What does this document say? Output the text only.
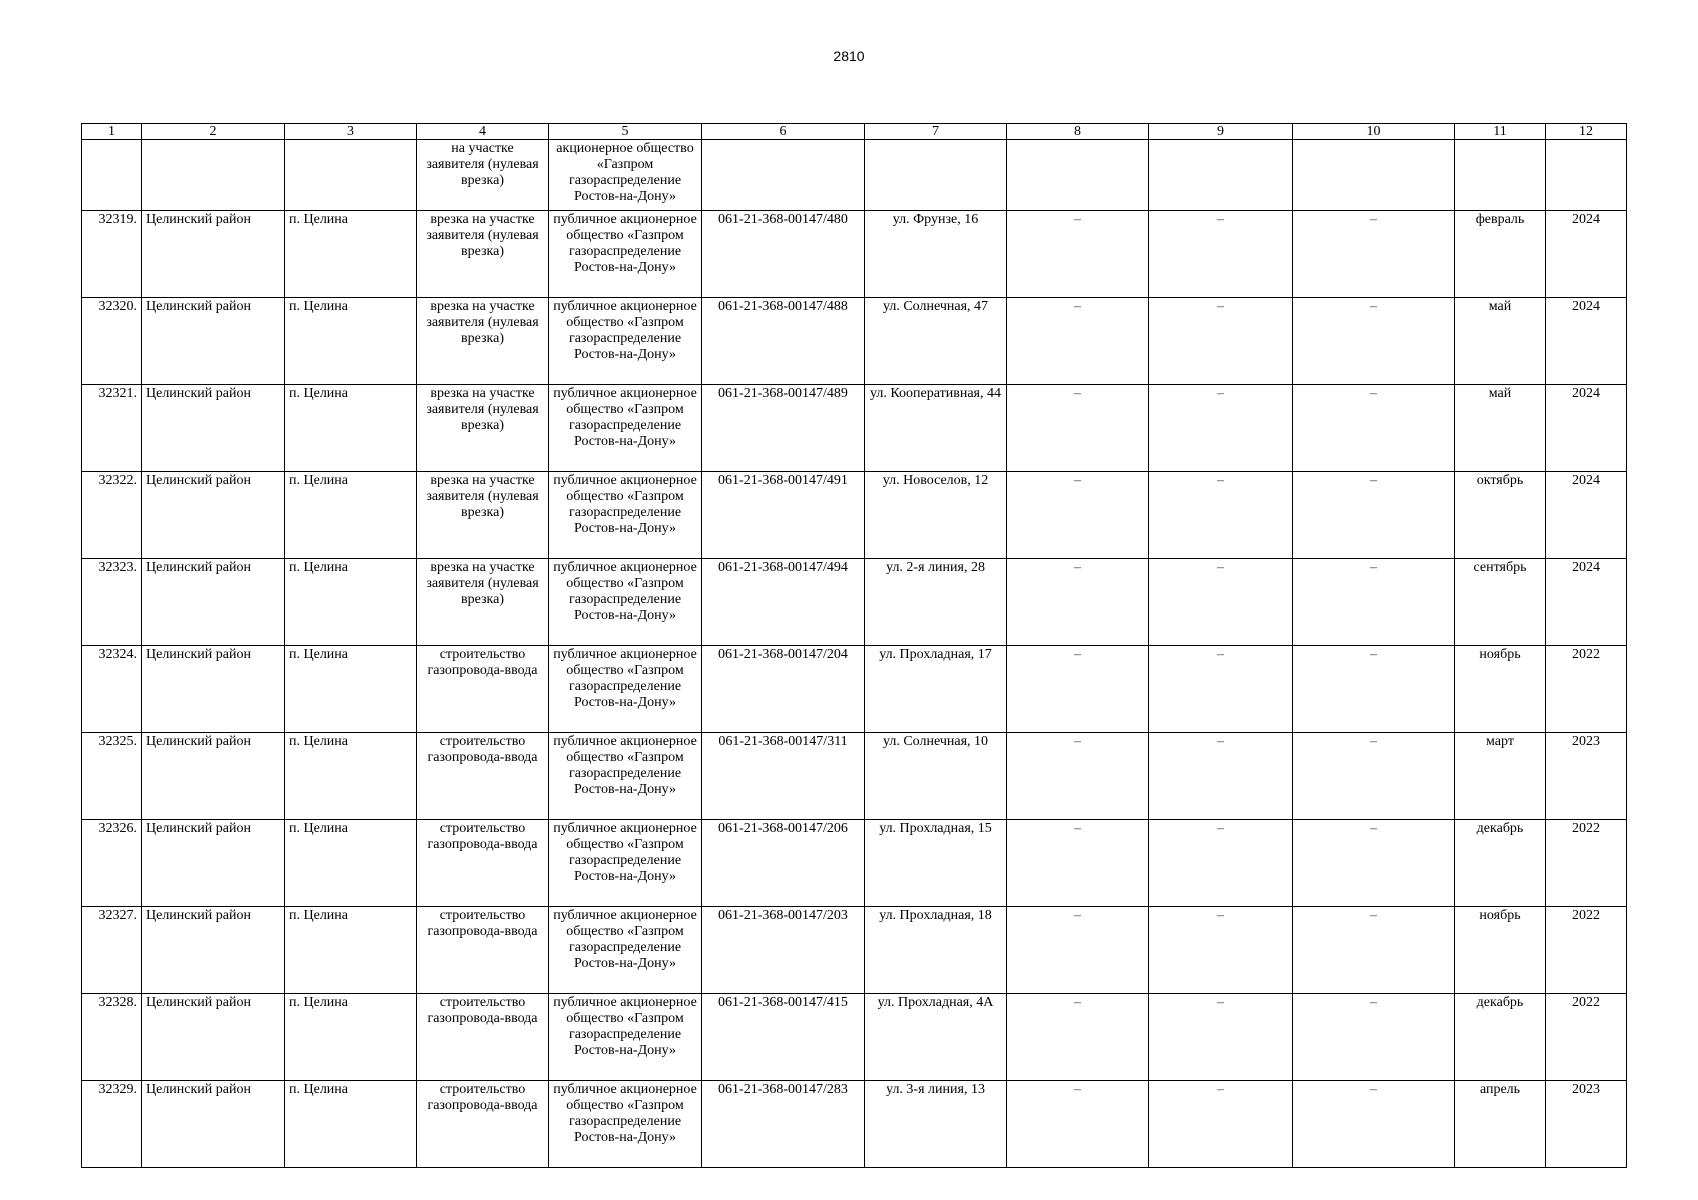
2810
1	2	3	4	5	6	7	8	9	10	11	12
			на участке заявителя (нулевая врезка)	акционерное общество «Газпром газораспределение Ростов-на-Дону»							
32319.	Целинский район	п. Целина	врезка на участке заявителя (нулевая врезка)	публичное акционерное общество «Газпром газораспределение Ростов-на-Дону»	061-21-368-00147/480	ул. Фрунзе, 16	–	–	–	февраль	2024
32320.	Целинский район	п. Целина	врезка на участке заявителя (нулевая врезка)	публичное акционерное общество «Газпром газораспределение Ростов-на-Дону»	061-21-368-00147/488	ул. Солнечная, 47	–	–	–	май	2024
32321.	Целинский район	п. Целина	врезка на участке заявителя (нулевая врезка)	публичное акционерное общество «Газпром газораспределение Ростов-на-Дону»	061-21-368-00147/489	ул. Кооперативная, 44	–	–	–	май	2024
32322.	Целинский район	п. Целина	врезка на участке заявителя (нулевая врезка)	публичное акционерное общество «Газпром газораспределение Ростов-на-Дону»	061-21-368-00147/491	ул. Новоселов, 12	–	–	–	октябрь	2024
32323.	Целинский район	п. Целина	врезка на участке заявителя (нулевая врезка)	публичное акционерное общество «Газпром газораспределение Ростов-на-Дону»	061-21-368-00147/494	ул. 2-я линия, 28	–	–	–	сентябрь	2024
32324.	Целинский район	п. Целина	строительство газопровода-ввода	публичное акционерное общество «Газпром газораспределение Ростов-на-Дону»	061-21-368-00147/204	ул. Прохладная, 17	–	–	–	ноябрь	2022
32325.	Целинский район	п. Целина	строительство газопровода-ввода	публичное акционерное общество «Газпром газораспределение Ростов-на-Дону»	061-21-368-00147/311	ул. Солнечная, 10	–	–	–	март	2023
32326.	Целинский район	п. Целина	строительство газопровода-ввода	публичное акционерное общество «Газпром газораспределение Ростов-на-Дону»	061-21-368-00147/206	ул. Прохладная, 15	–	–	–	декабрь	2022
32327.	Целинский район	п. Целина	строительство газопровода-ввода	публичное акционерное общество «Газпром газораспределение Ростов-на-Дону»	061-21-368-00147/203	ул. Прохладная, 18	–	–	–	ноябрь	2022
32328.	Целинский район	п. Целина	строительство газопровода-ввода	публичное акционерное общество «Газпром газораспределение Ростов-на-Дону»	061-21-368-00147/415	ул. Прохладная, 4А	–	–	–	декабрь	2022
32329.	Целинский район	п. Целина	строительство газопровода-ввода	публичное акционерное общество «Газпром газораспределение Ростов-на-Дону»	061-21-368-00147/283	ул. 3-я линия, 13	–	–	–	апрель	2023
